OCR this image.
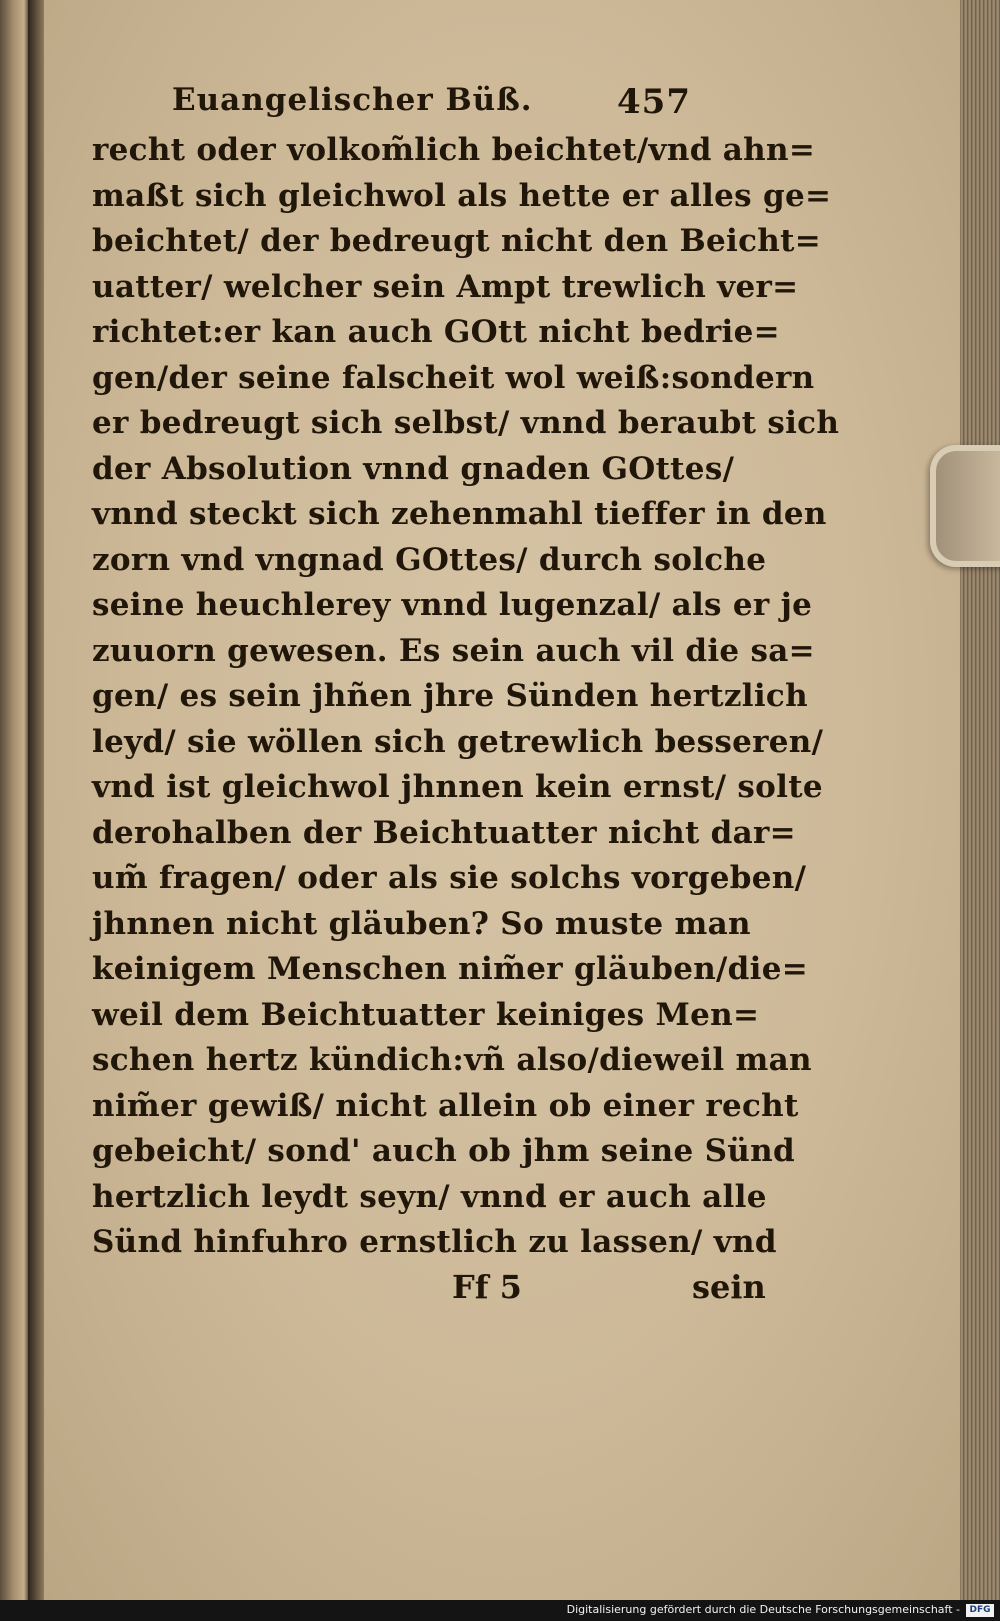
Euangelischer Büß. 457
recht oder volkom̃lich beichtet/vnd ahn=
maßt sich gleichwol als hette er alles ge=
beichtet/ der bedreugt nicht den Beicht=
uatter/ welcher sein Ampt trewlich ver=
richtet:er kan auch GOtt nicht bedrie=
gen/der seine falscheit wol weiß:sondern
er bedreugt sich selbst/ vnnd beraubt sich
der Absolution vnnd gnaden GOttes/
vnnd steckt sich zehenmahl tieffer in den
zorn vnd vngnad GOttes/ durch solche
seine heuchlerey vnnd lugenzal/ als er je
zuuorn gewesen. Es sein auch vil die sa=
gen/ es sein jhñen jhre Sünden hertzlich
leyd/ sie wöllen sich getrewlich besseren/
vnd ist gleichwol jhnnen kein ernst/ solte
derohalben der Beichtuatter nicht dar=
um̃ fragen/ oder als sie solchs vorgeben/
jhnnen nicht gläuben? So muste man
keinigem Menschen nim̃er gläuben/die=
weil dem Beichtuatter keiniges Men=
schen hertz kündich:vñ also/dieweil man
nim̃er gewiß/ nicht allein ob einer recht
gebeicht/ sond' auch ob jhm seine Sünd
hertzlich leydt seyn/ vnnd er auch alle
Sünd hinfuhro ernstlich zu lassen/ vnd
Ff 5	sein
Digitalisierung gefördert durch die Deutsche Forschungsgemeinschaft -	DFG
